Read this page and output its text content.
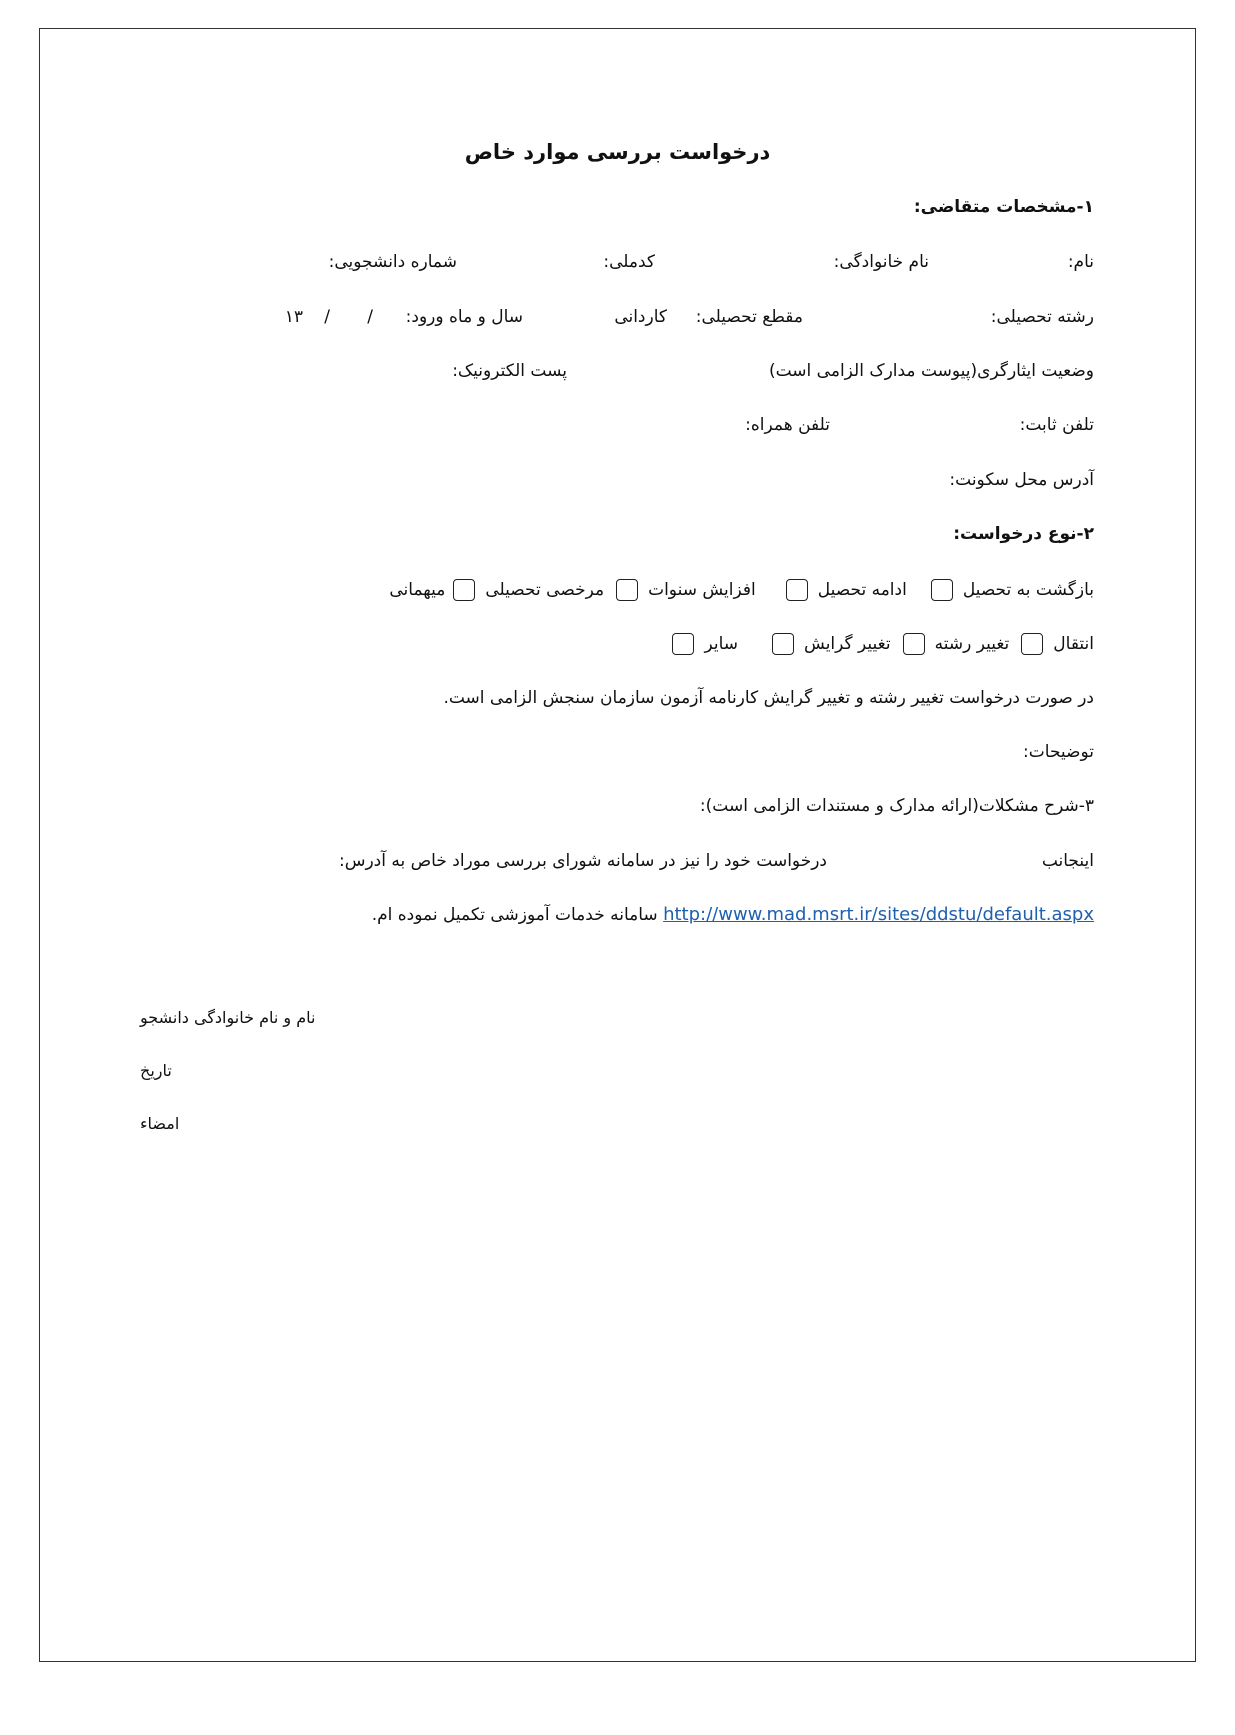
درخواست بررسی موارد خاص
۱-مشخصات متقاضی:
نام:
نام خانوادگی:
کدملی:
شماره دانشجویی:
رشته تحصیلی:
مقطع تحصیلی:
کاردانی
سال و ماه ورود:
/
/
۱۳
وضعیت ایثارگری(پیوست مدارک الزامی است)
پست الکترونیک:
تلفن ثابت:
تلفن همراه:
آدرس محل سکونت:
۲-نوع درخواست:
بازگشت به تحصیل
ادامه تحصیل
افزایش سنوات
مرخصی تحصیلی
میهمانی
انتقال
تغییر رشته
تغییر گرایش
سایر
در صورت درخواست تغییر رشته و تغییر گرایش کارنامه آزمون سازمان سنجش الزامی است.
توضیحات:
۳-شرح مشکلات(ارائه مدارک و مستندات الزامی است):
اینجانب
درخواست خود را نیز در سامانه شورای بررسی موراد خاص به آدرس:
http://www.mad.msrt.ir/sites/ddstu/default.aspx سامانه خدمات آموزشی تکمیل نموده ام.
نام و نام خانوادگی دانشجو
تاریخ
امضاء
